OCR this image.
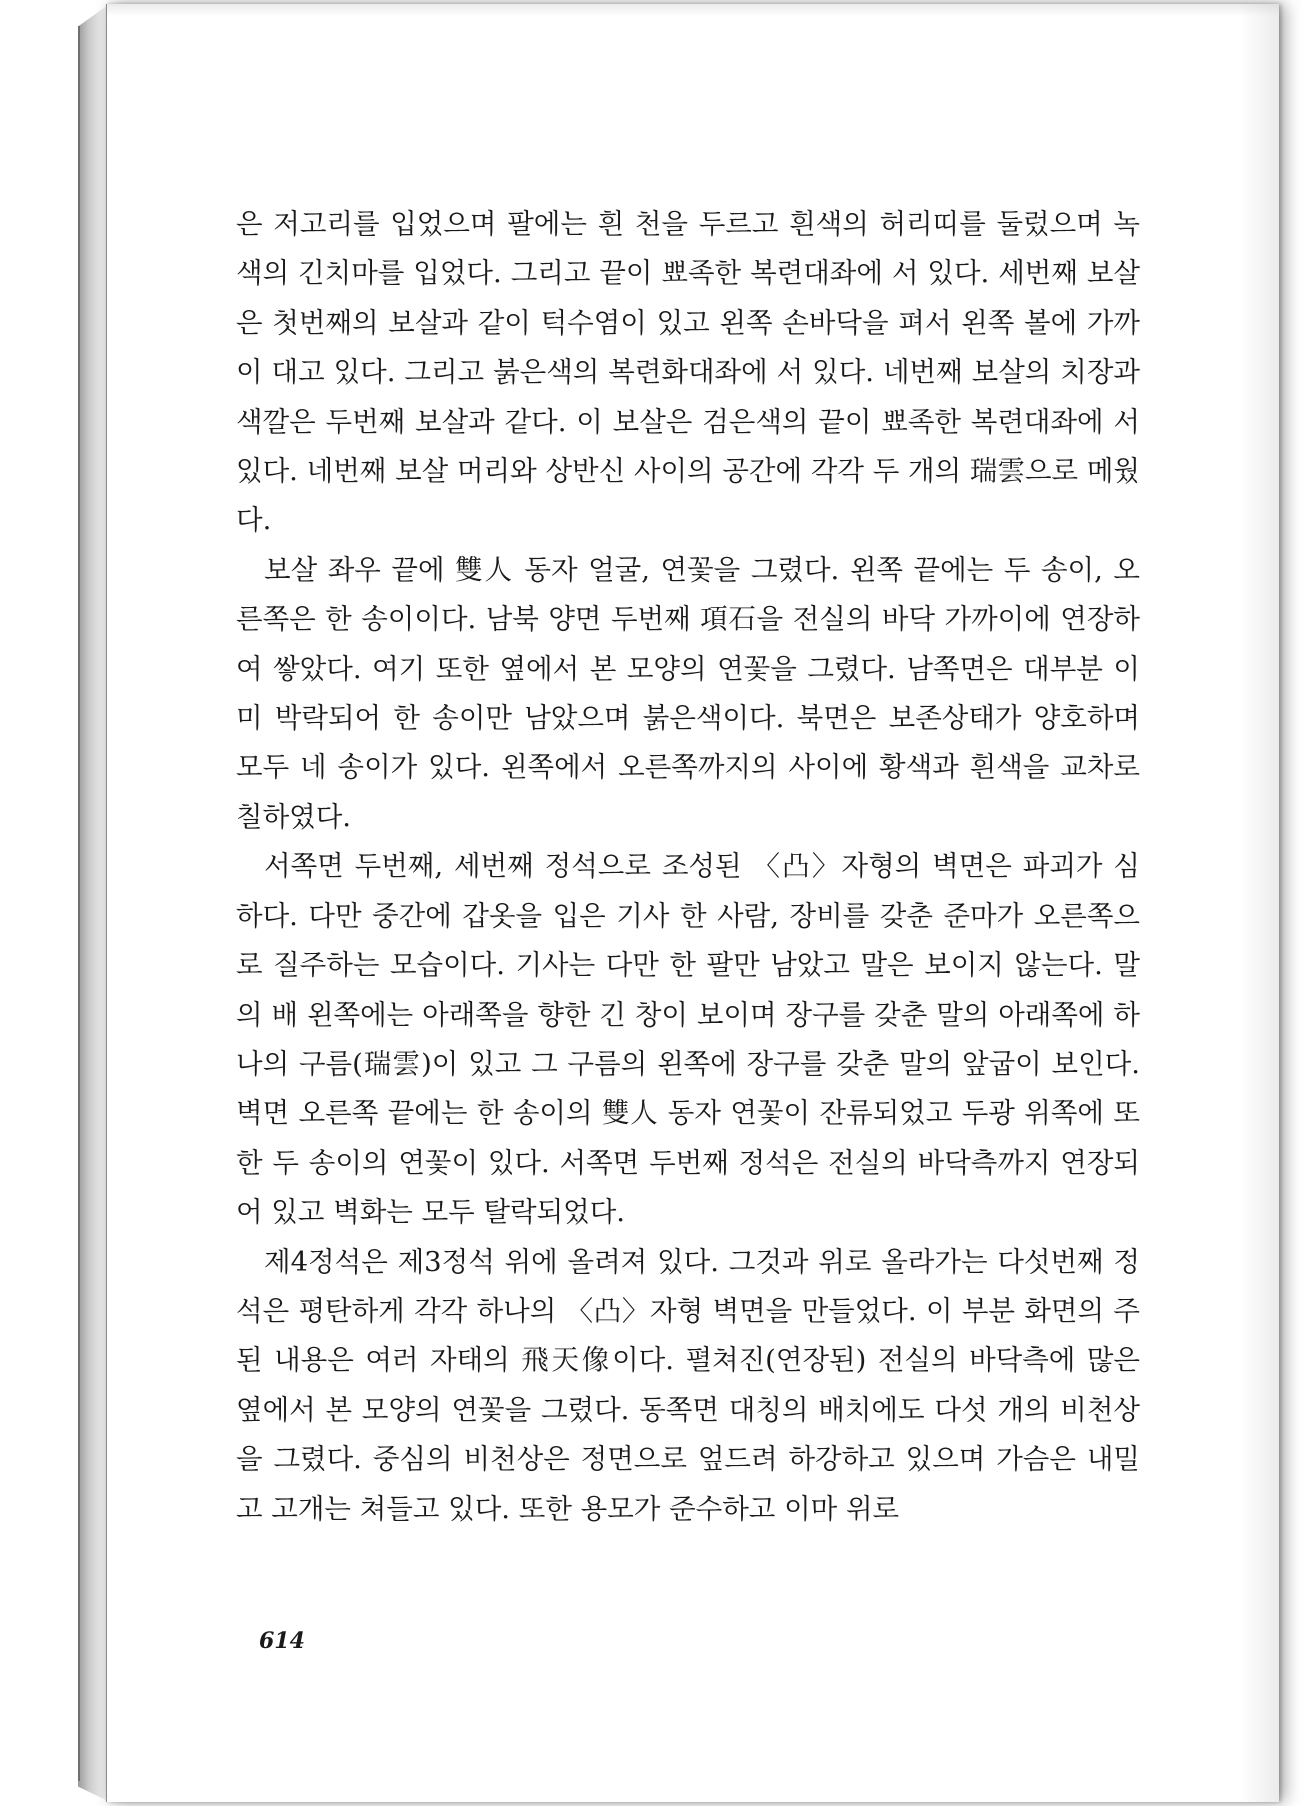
은 저고리를 입었으며 팔에는 흰 천을 두르고 흰색의 허리띠를 둘렀으며 녹색의 긴치마를 입었다. 그리고 끝이 뾰족한 복련대좌에 서 있다. 세번째 보살은 첫번째의 보살과 같이 턱수염이 있고 왼쪽 손바닥을 펴서 왼쪽 볼에 가까이 대고 있다. 그리고 붉은색의 복련화대좌에 서 있다. 네번째 보살의 치장과 색깔은 두번째 보살과 같다. 이 보살은 검은색의 끝이 뾰족한 복련대좌에 서 있다. 네번째 보살 머리와 상반신 사이의 공간에 각각 두 개의 瑞雲으로 메웠다.

보살 좌우 끝에 雙人 동자 얼굴, 연꽃을 그렸다. 왼쪽 끝에는 두 송이, 오른쪽은 한 송이이다. 남북 양면 두번째 項石을 전실의 바닥 가까이에 연장하여 쌓았다. 여기 또한 옆에서 본 모양의 연꽃을 그렸다. 남쪽면은 대부분 이미 박락되어 한 송이만 남았으며 붉은색이다. 북면은 보존상태가 양호하며 모두 네 송이가 있다. 왼쪽에서 오른쪽까지의 사이에 황색과 흰색을 교차로 칠하였다.

서쪽면 두번째, 세번째 정석으로 조성된 〈凸〉자형의 벽면은 파괴가 심하다. 다만 중간에 갑옷을 입은 기사 한 사람, 장비를 갖춘 준마가 오른쪽으로 질주하는 모습이다. 기사는 다만 한 팔만 남았고 말은 보이지 않는다. 말의 배 왼쪽에는 아래쪽을 향한 긴 창이 보이며 장구를 갖춘 말의 아래쪽에 하나의 구름(瑞雲)이 있고 그 구름의 왼쪽에 장구를 갖춘 말의 앞굽이 보인다. 벽면 오른쪽 끝에는 한 송이의 雙人 동자 연꽃이 잔류되었고 두광 위쪽에 또한 두 송이의 연꽃이 있다. 서쪽면 두번째 정석은 전실의 바닥측까지 연장되어 있고 벽화는 모두 탈락되었다.

제4정석은 제3정석 위에 올려져 있다. 그것과 위로 올라가는 다섯번째 정석은 평탄하게 각각 하나의 〈凸〉자형 벽면을 만들었다. 이 부분 화면의 주된 내용은 여러 자태의 飛天像이다. 펼쳐진(연장된) 전실의 바닥측에 많은 옆에서 본 모양의 연꽃을 그렸다. 동쪽면 대칭의 배치에도 다섯 개의 비천상을 그렸다. 중심의 비천상은 정면으로 엎드려 하강하고 있으며 가슴은 내밀고 고개는 쳐들고 있다. 또한 용모가 준수하고 이마 위로

614
